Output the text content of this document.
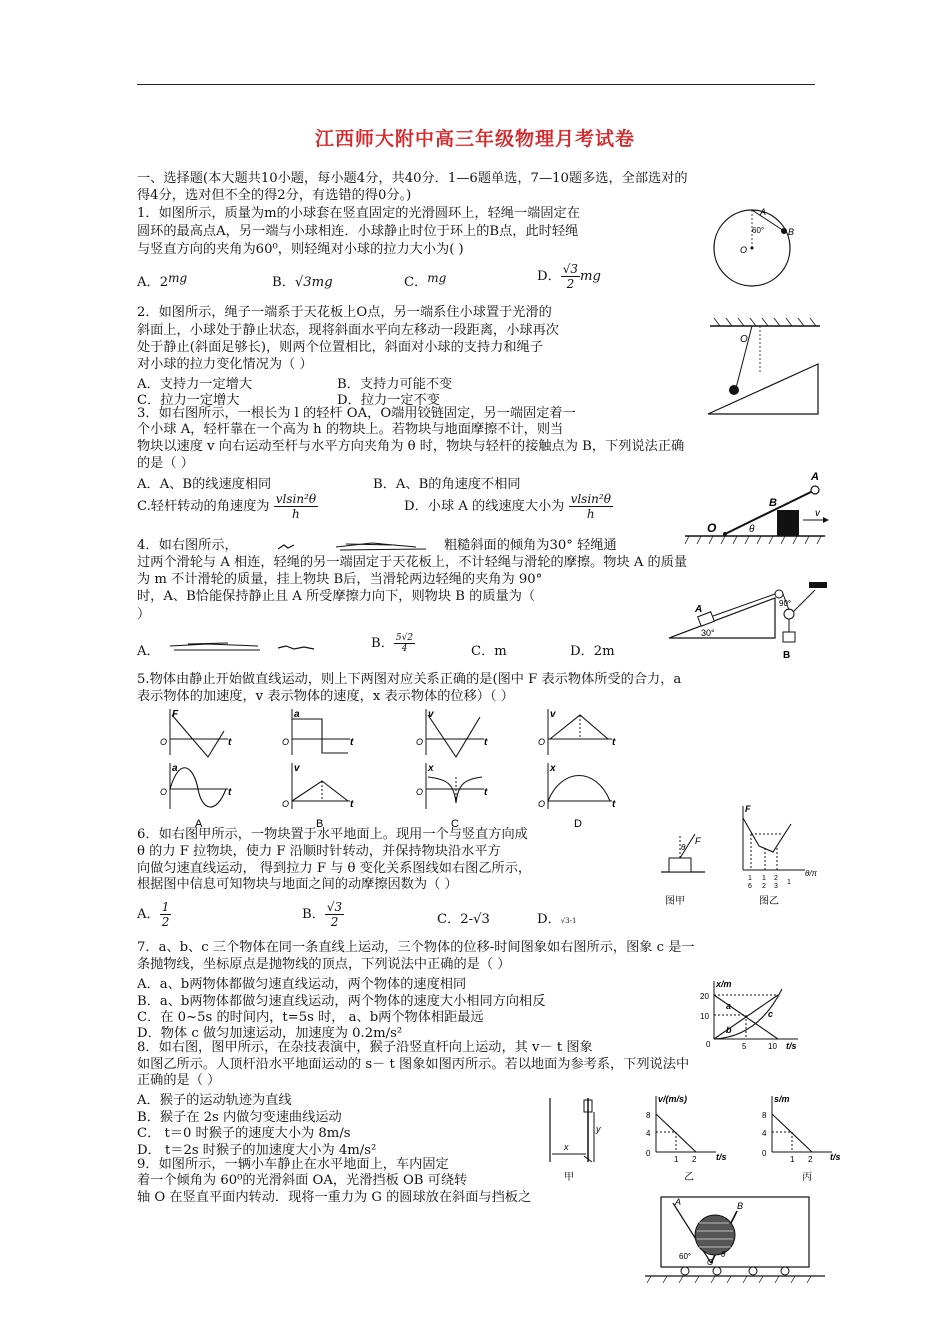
江西师大附中高三年级物理月考试卷
一、选择题(本大题共10小题，每小题4分，共40分．1—6题单选，7—10题多选，全部选对的
得4分，选对但不全的得2分，有选错的得0分。)
1．如图所示，质量为m的小球套在竖直固定的光滑圆环上，轻绳一端固定在
圆环的最高点A，另一端与小球相连．小球静止时位于环上的B点，此时轻绳
与竖直方向的夹角为60⁰，则轻绳对小球的拉力大小为( )
A．2mg	B．√3mg	C．mg	D． $\frac{√3}{2}$ mg
A
B
O
60°
2．如图所示，绳子一端系于天花板上O点，另一端系住小球置于光滑的
斜面上，小球处于静止状态，现将斜面水平向左移动一段距离，小球再次
处于静止(斜面足够长)，则两个位置相比，斜面对小球的支持力和绳子
对小球的拉力变化情况为（ ）
A．支持力一定增大	B．支持力可能不变
C．拉力一定增大	D．拉力一定不变
O
3．如右图所示，一根长为 l 的轻杆 OA，O端用铰链固定，另一端固定着一
个小球 A，轻杆靠在一个高为 h 的物块上。若物块与地面摩擦不计，则当
物块以速度 v 向右运动至杆与水平方向夹角为 θ 时，物块与轻杆的接触点为 B，下列说法正确
的是（ ）
A．A、B的线速度相同	B．A、B的角速度不相同
C.轻杆转动的角速度为 $\frac{\text{vlsin²θ}}{h}$	D．小球 A 的线速度大小为 $\frac{\text{vlsin²θ}}{h}$
O
B
A
θ
v
4．如右图所示，	粗糙斜面的倾角为30° 轻绳通
过两个滑轮与 A 相连，轻绳的另一端固定于天花板上，不计轻绳与滑轮的摩擦。物块 A 的质量
为 m 不计滑轮的质量，挂上物块 B后，当滑轮两边轻绳的夹角为 90°
时，A、B恰能保持静止且 A 所受摩擦力向下，则物块 B 的质量为（
）
A．
B． $\frac{5√2}{4}$	C．m	D．2m
A
30°
B
90°
5.物体由静止开始做直线运动，则上下两图对应关系正确的是(图中 F 表示物体所受的合力，a
表示物体的加速度，v 表示物体的速度，x 表示物体的位移）（ ）
F
t
O
a
t
O
A
a
t
O
v
t
O
B
v
t
O
x
t
O
C
v
t
O
x
t
O
D
6．如右图甲所示，一物块置于水平地面上。现用一个与竖直方向成
θ 的力 F 拉物块，使力 F 沿顺时针转动，并保持物块沿水平方
向做匀速直线运动， 得到拉力 F 与 θ 变化关系图线如右图乙所示，
根据图中信息可知物块与地面之间的动摩擦因数为（ ）
A． $\frac{1}{2}$	B． $\frac{√3}{2}$	C．2-√3	D．√3-1
F
θ
图甲
F
θ/π
1
6
1
2
2
3
1
图乙
7．a、b、c 三个物体在同一条直线上运动，三个物体的位移-时间图象如右图所示，图象 c 是一
条抛物线，坐标原点是抛物线的顶点，下列说法中正确的是（ ）
A．a、b两物体都做匀速直线运动，两个物体的速度相同
B．a、b两物体都做匀速直线运动，两个物体的速度大小相同方向相反
C．在 0~5s 的时间内，t=5s 时， a、b两个物体相距最远
D．物体 c 做匀加速运动，加速度为 0.2m/s²
x/m
t/s
20
10
0	5	10
a
b
c
8．如右图，图甲所示，在杂技表演中，猴子沿竖直杆向上运动，其 v－ t 图象
如图乙所示。人顶杆沿水平地面运动的 s－ t 图象如图丙所示。若以地面为参考系，下列说法中
正确的是（ ）
A．猴子的运动轨迹为直线
B．猴子在 2s 内做匀变速曲线运动
C． t＝0 时猴子的速度大小为 8m/s
D． t＝2s 时猴子的加速度大小为 4m/s²	x
y
甲
v/(m/s)
t/s
8
4
0
1 2
乙
s/m
t/s
8
4
0
1 2
丙
9．如图所示，一辆小车静止在水平地面上，车内固定
着一个倾角为 60⁰的光滑斜面 OA，光滑挡板 OB 可绕转
轴 O 在竖直平面内转动．现将一重力为 G 的圆球放在斜面与挡板之	A	B
O
60°	θ
